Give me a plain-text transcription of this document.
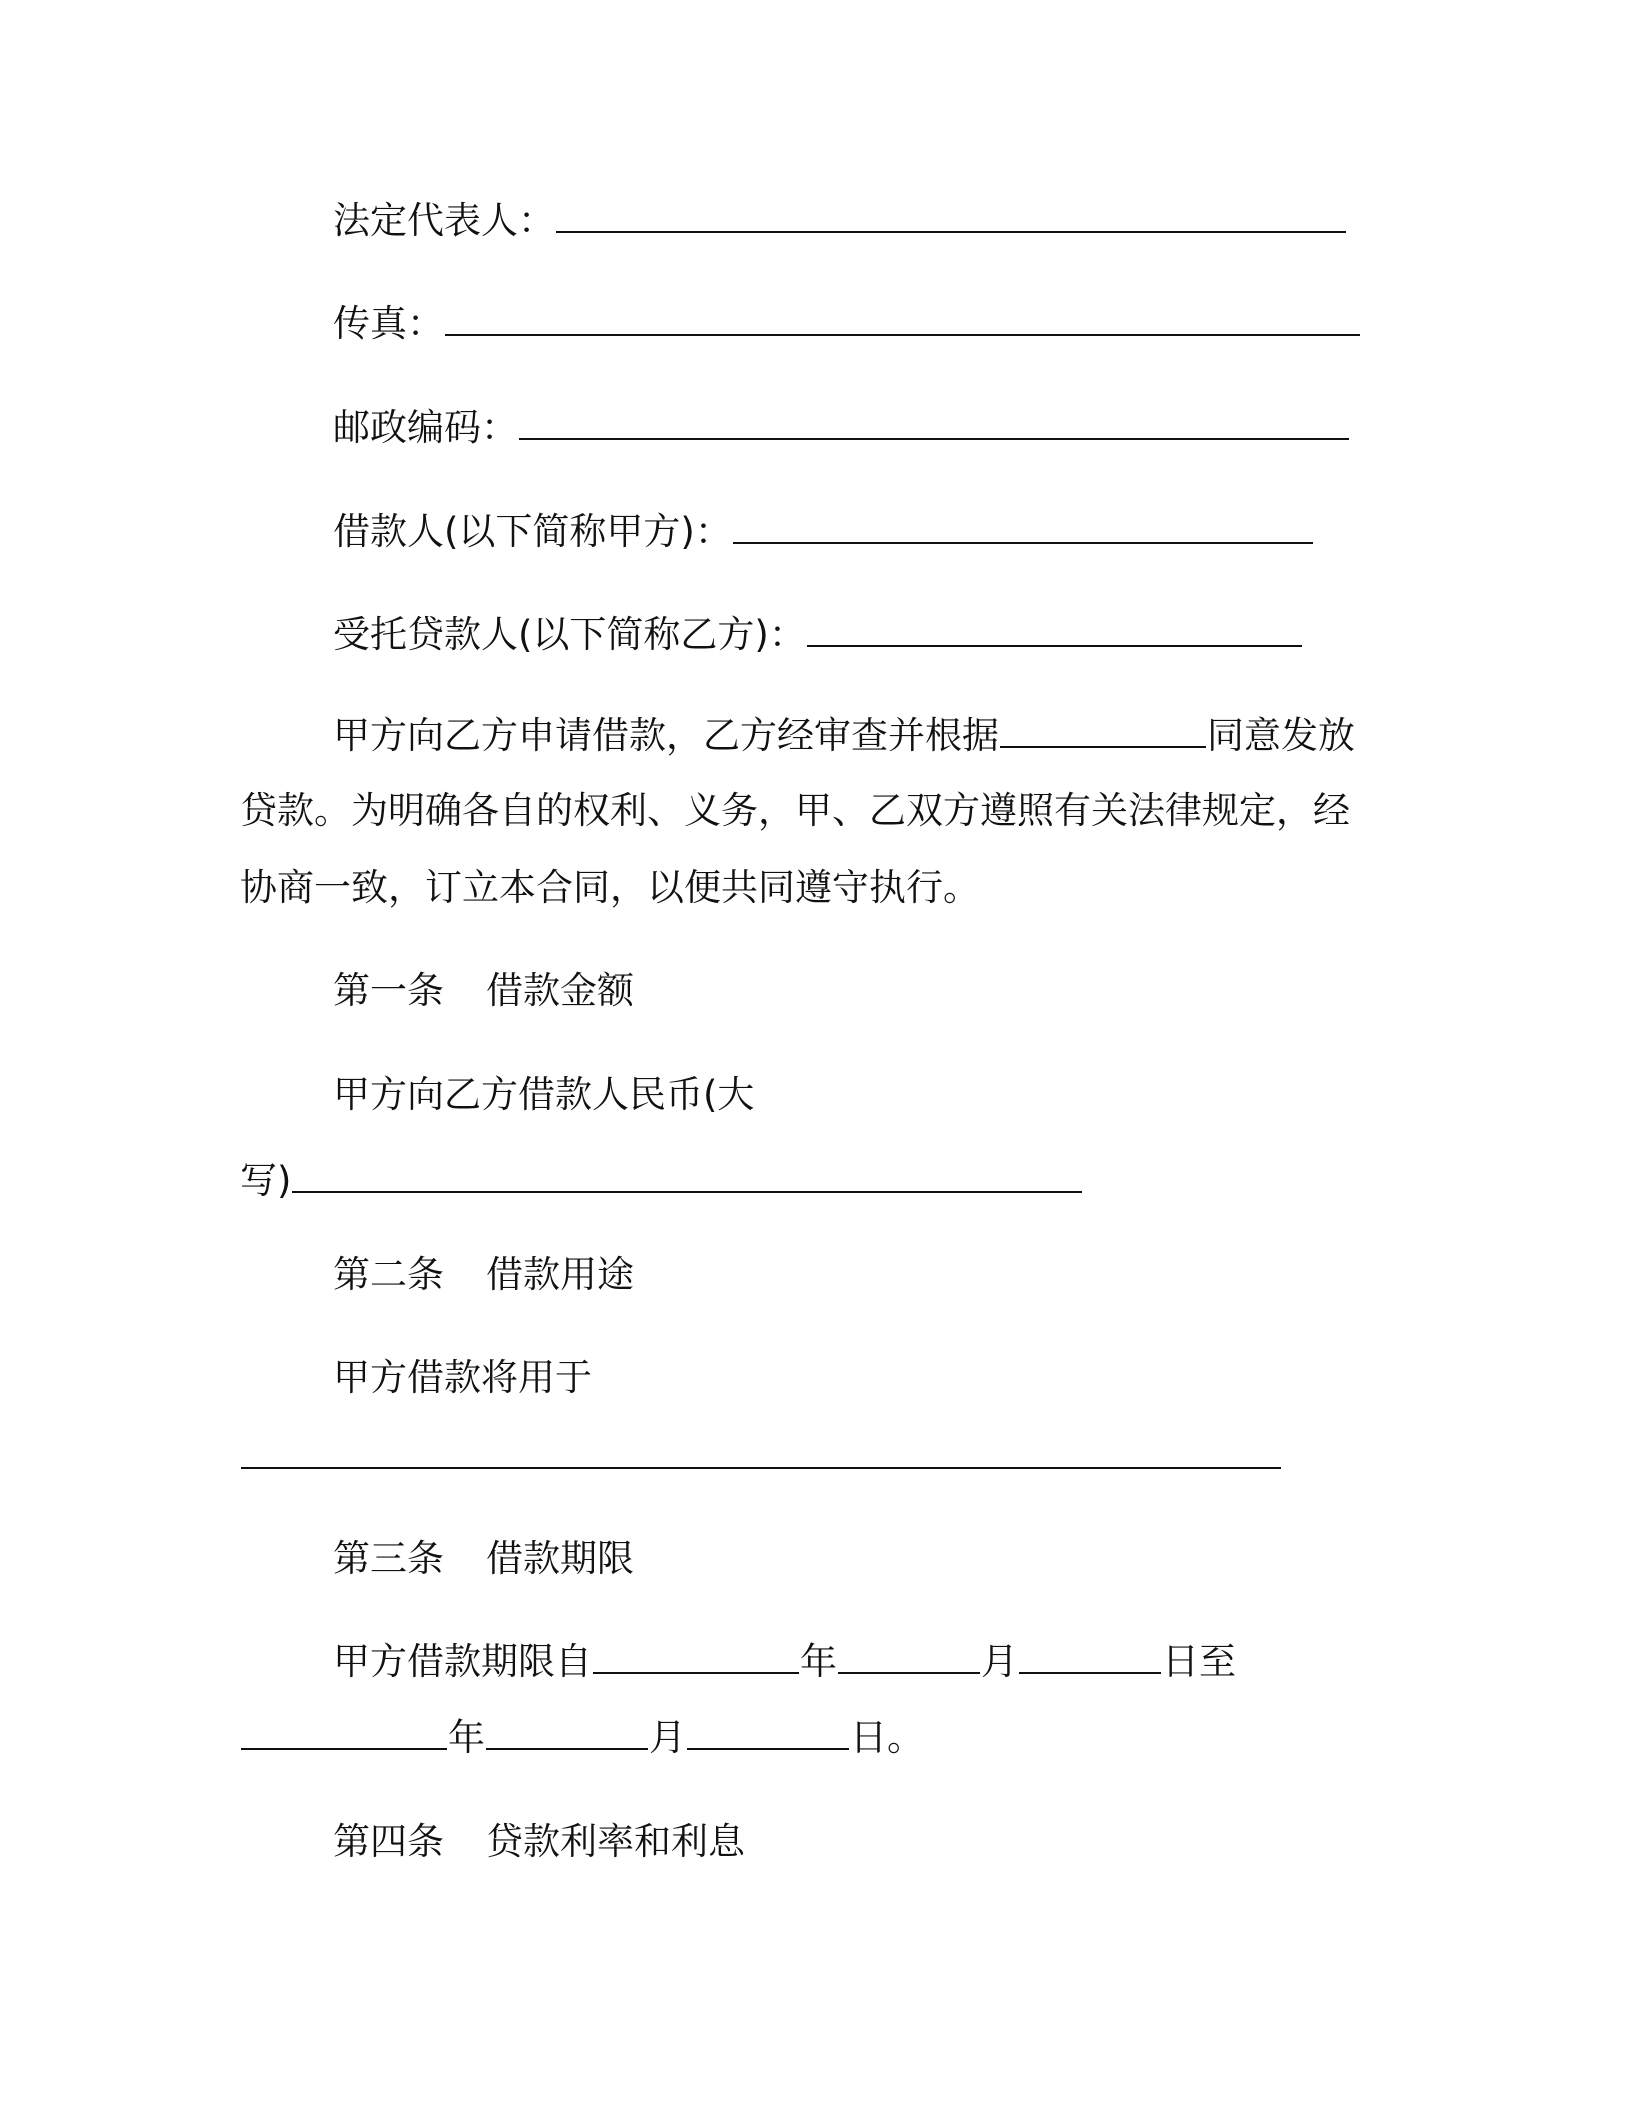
法定代表人：
传真：
邮政编码：
借款人(以下简称甲方)：
受托贷款人(以下简称乙方)：
甲方向乙方申请借款，乙方经审查并根据	同意发放
贷款。为明确各自的权利、义务，甲、乙双方遵照有关法律规定，经
协商一致，订立本合同，以便共同遵守执行。
第一条 借款金额
甲方向乙方借款人民币(大
写)
第二条 借款用途
甲方借款将用于
第三条 借款期限
甲方借款期限自	年	月	日至
年	月	日。
第四条 贷款利率和利息
